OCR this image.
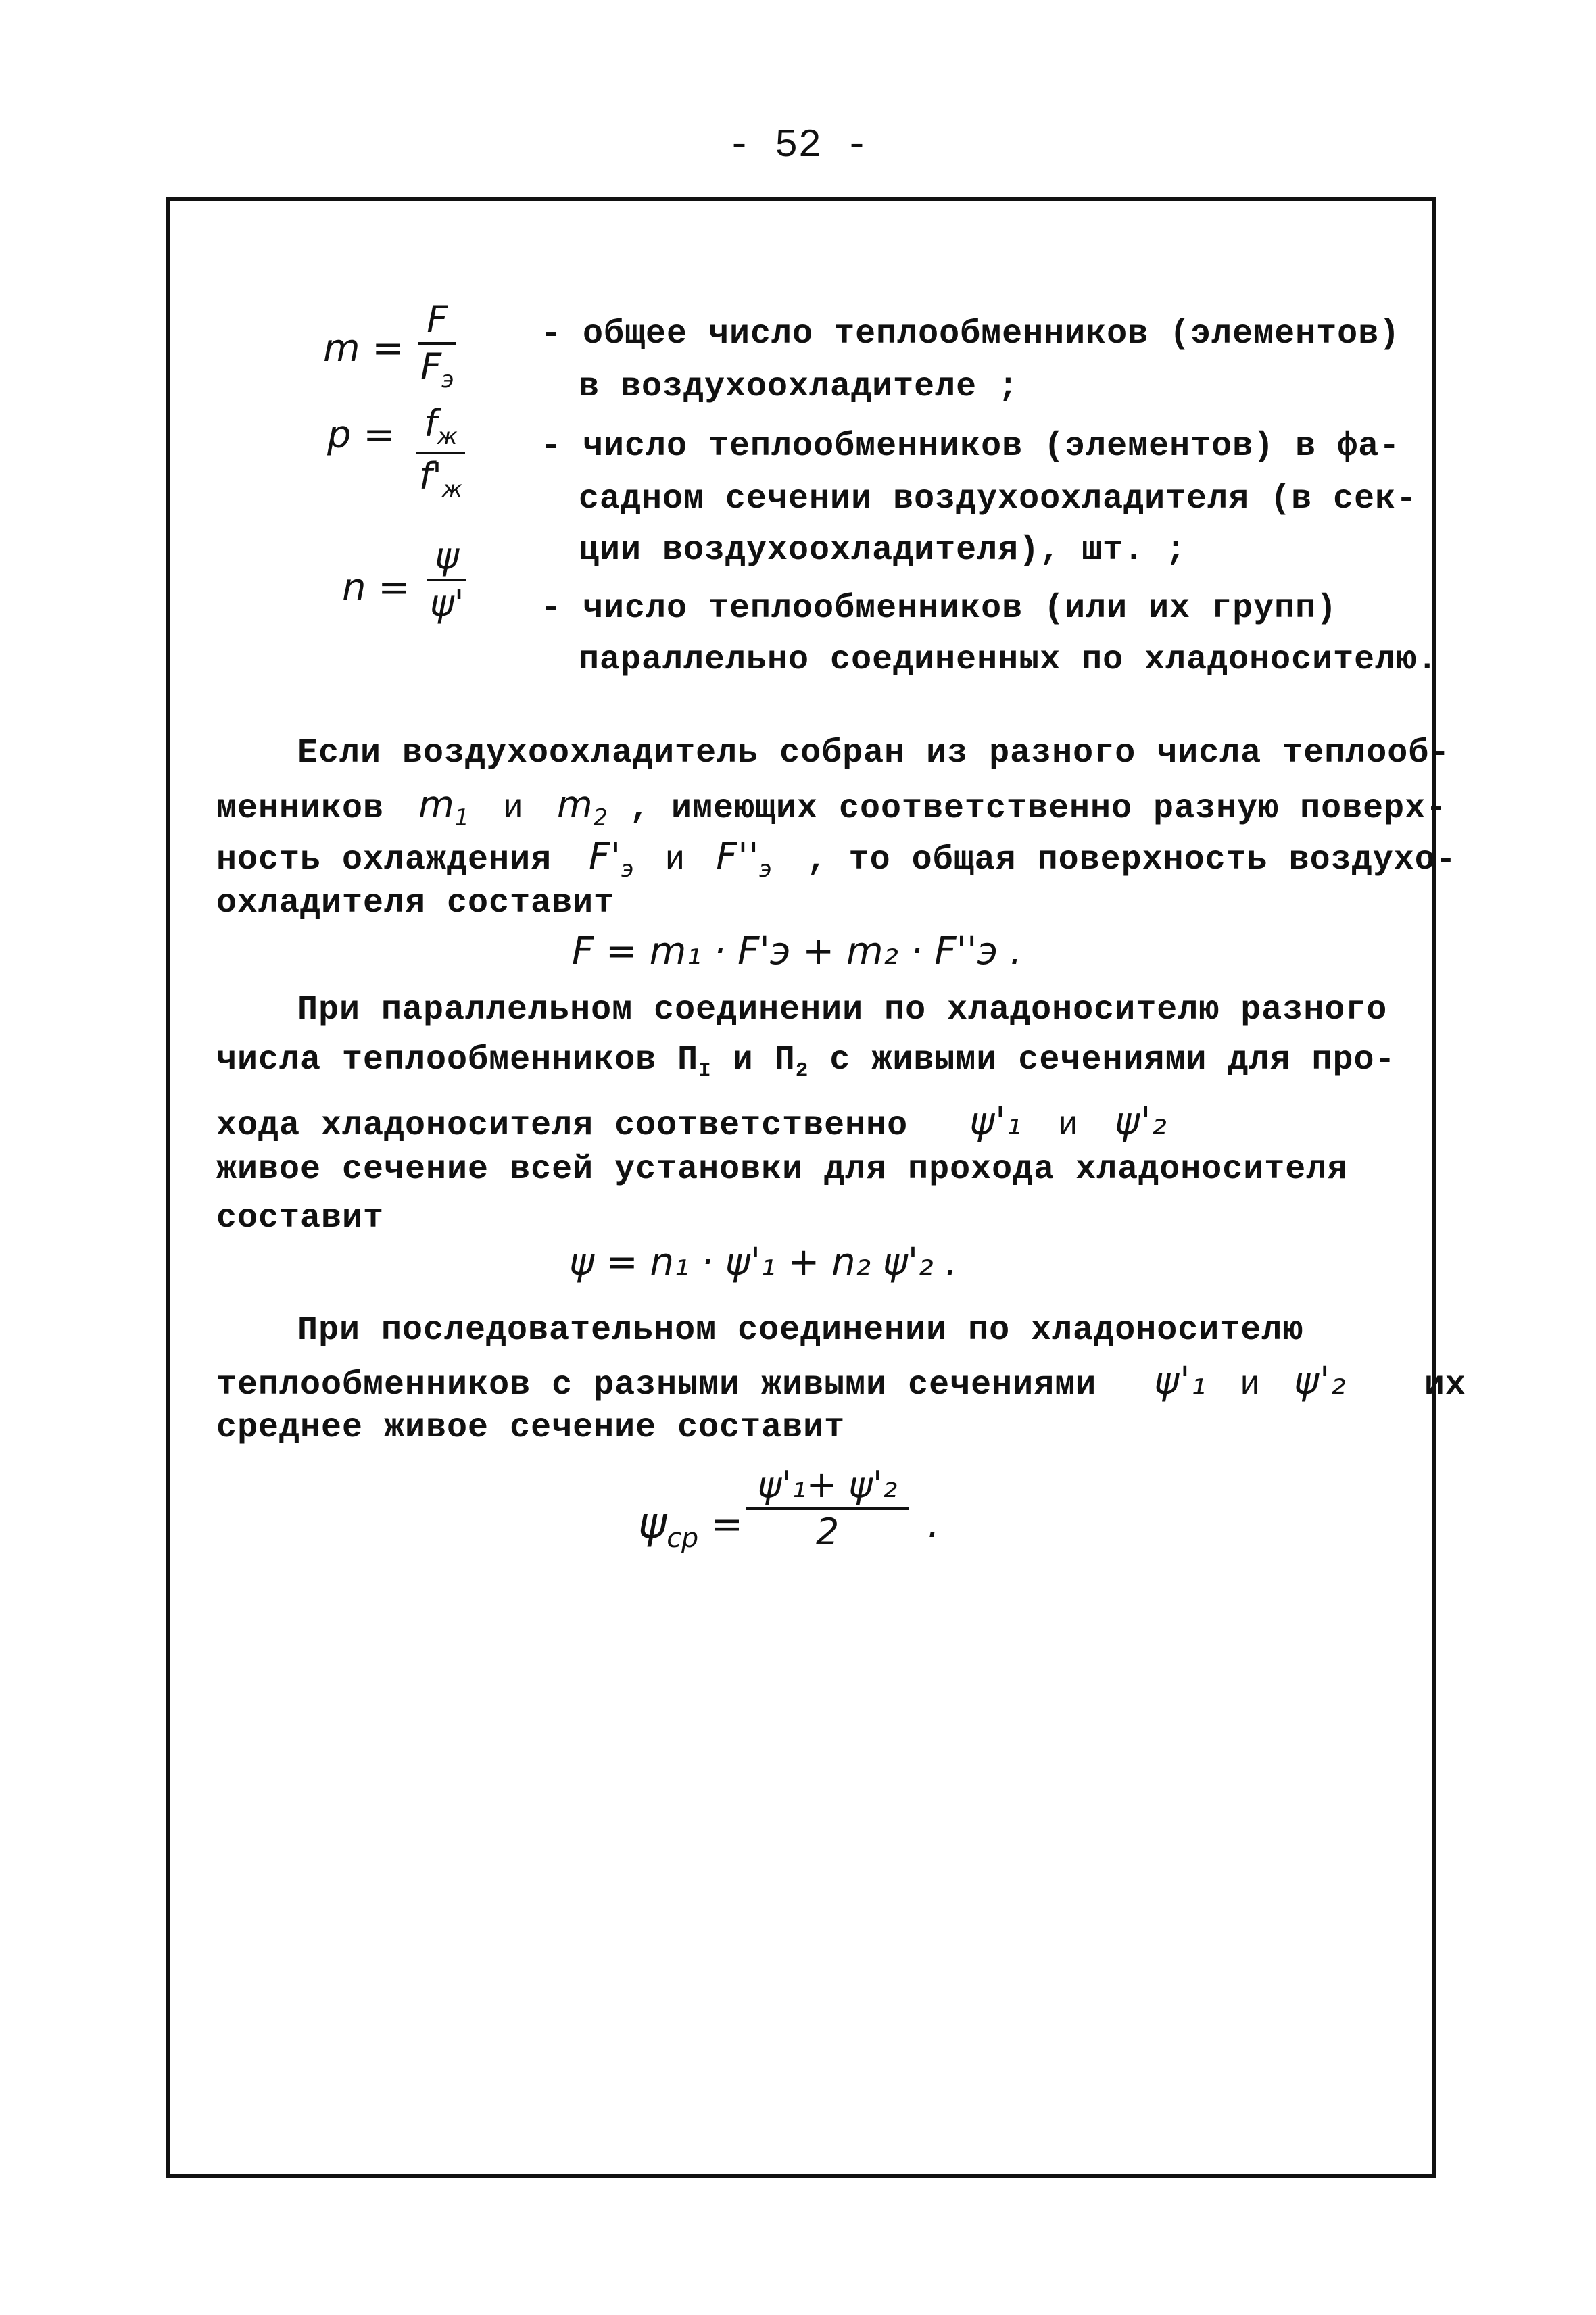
- 52 -
m =
F
$F_э$
- общее число теплообменников (элементов)
в воздухоохладителе ;
$p = f_ж$
$f'_ж$
- число теплообменников (элементов) в фа-
садном сечении воздухоохладителя (в сек-
ции воздухоохладителя), шт. ;
n =
ψ
ψ' - число теплообменников (или их групп)
параллельно соединенных по хладоносителю.
Если воздухоохладитель собран из разного числа теплооб-
менников $m_1$ и $m_2$ , имеющих соответственно разную поверх-
ность охлаждения $F'_э$ и $F''_э$ , то общая поверхность воздухо-
охладителя составит
F = m₁ · F'э + m₂ · F''э .
При параллельном соединении по хладоносителю разного
числа теплообменников $П_I$ и $П_2$ с живыми сечениями для про-
хода хладоносителя соответственно ψ'₁ и ψ'₂
живое сечение всей установки для прохода хладоносителя
составит
ψ = n₁ · ψ'₁ + n₂ ψ'₂ .
При последовательном соединении по хладоносителю
теплообменников с разными живыми сечениями ψ'₁ и ψ'₂ их
среднее живое сечение составит
$\psi_{ср}$ =
ψ'₁+ ψ'₂
2 .
